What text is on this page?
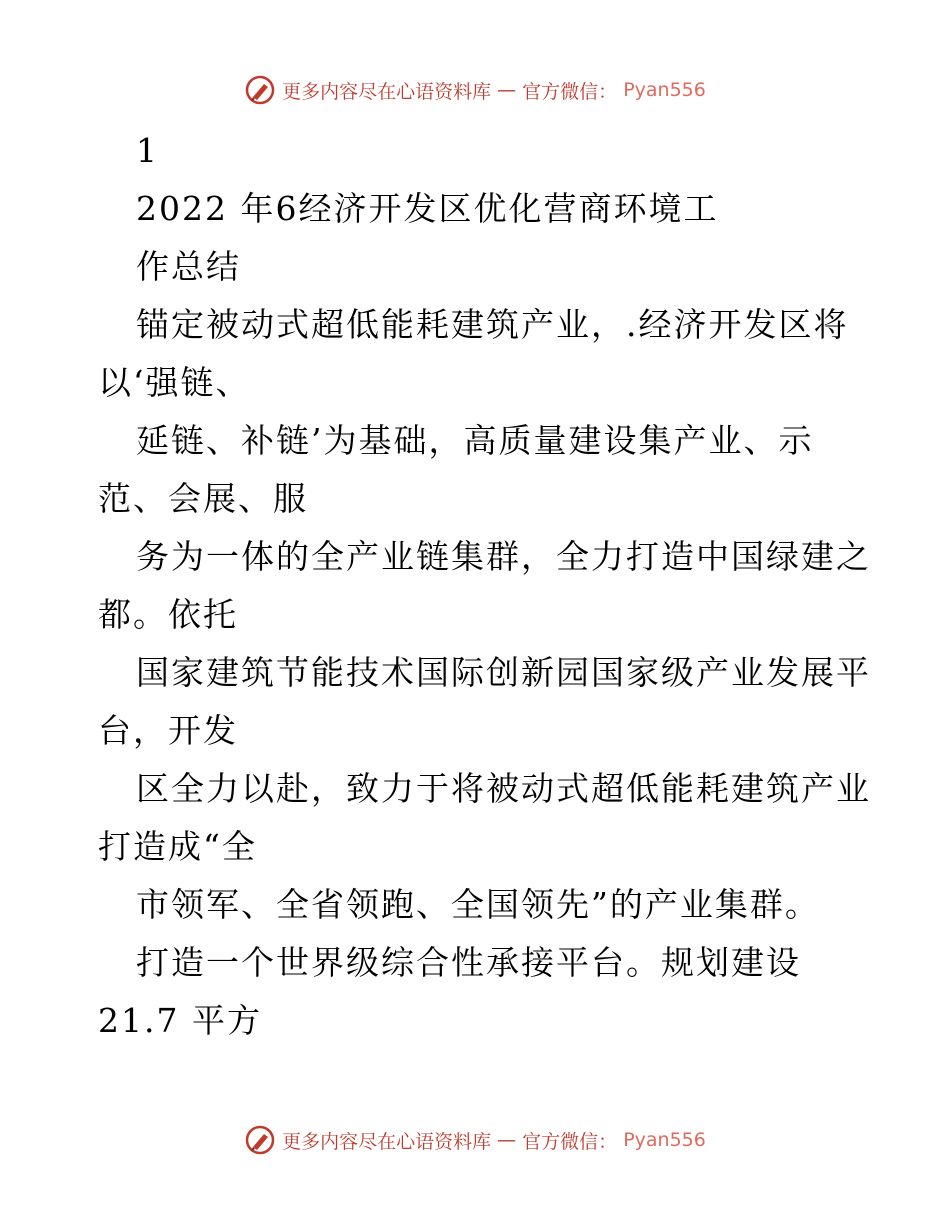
更多内容尽在心语资料库 — 官方微信： Pyan556
1
2022 年6经济开发区优化营商环境工
作总结
锚定被动式超低能耗建筑产业，.经济开发区将
以‘强链、
延链、补链’为基础，高质量建设集产业、示
范、会展、服
务为一体的全产业链集群，全力打造中国绿建之
都。依托
国家建筑节能技术国际创新园国家级产业发展平
台，开发
区全力以赴，致力于将被动式超低能耗建筑产业
打造成“全
市领军、全省领跑、全国领先”的产业集群。
打造一个世界级综合性承接平台。规划建设
21.7 平方
更多内容尽在心语资料库 — 官方微信： Pyan556
